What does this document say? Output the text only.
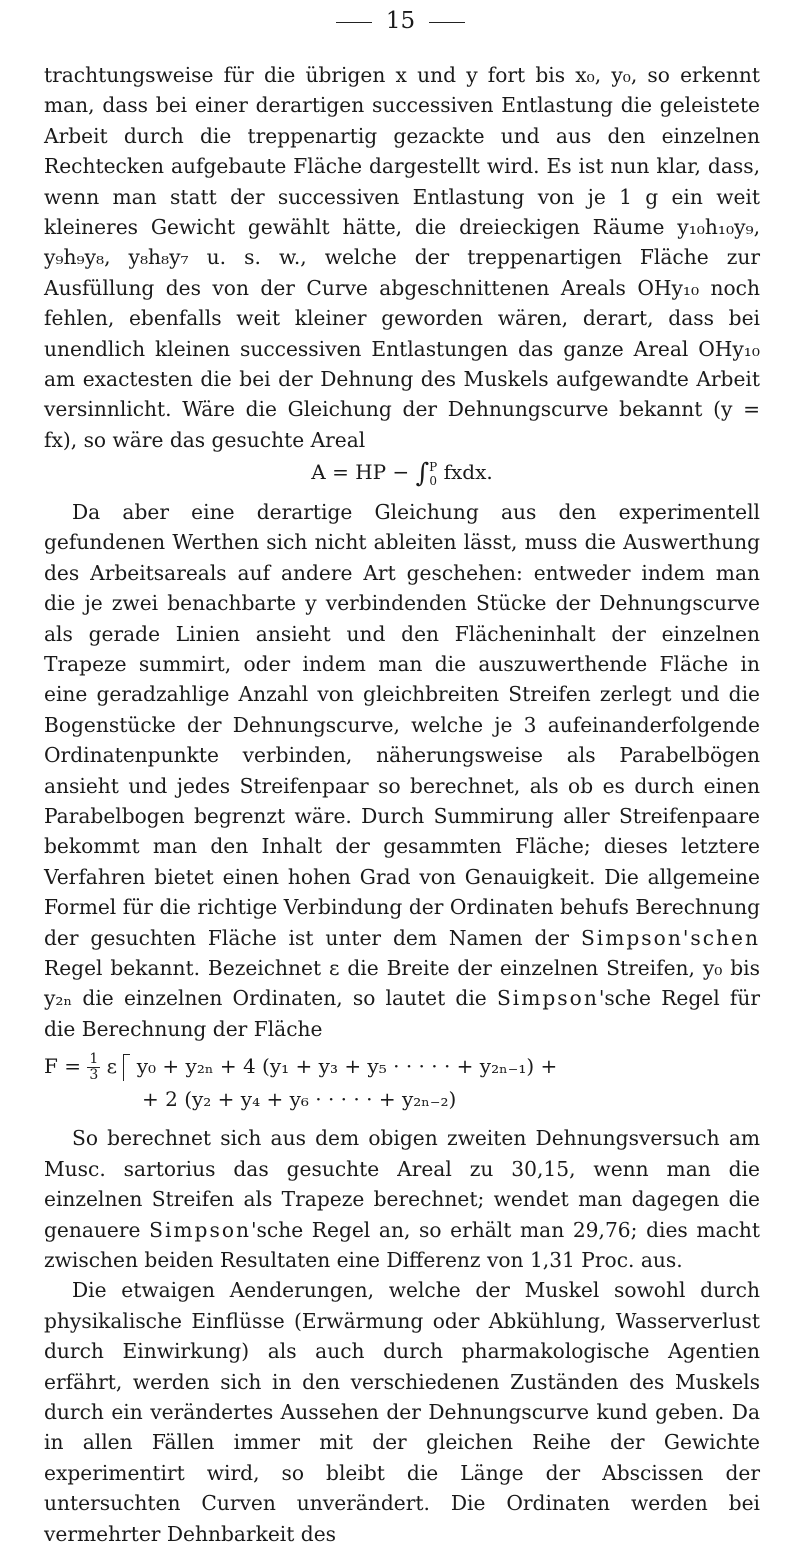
15

trachtungsweise für die übrigen x und y fort bis x₀, y₀, so erkennt man, dass bei einer derartigen successiven Entlastung die geleistete Arbeit durch die treppenartig gezackte und aus den einzelnen Rechtecken aufgebaute Fläche dargestellt wird. Es ist nun klar, dass, wenn man statt der successiven Entlastung von je 1 g ein weit kleineres Gewicht gewählt hätte, die dreieckigen Räume y₁₀h₁₀y₉, y₉h₉y₈, y₈h₈y₇ u. s. w., welche der treppenartigen Fläche zur Ausfüllung des von der Curve abgeschnittenen Areals OHy₁₀ noch fehlen, ebenfalls weit kleiner geworden wären, derart, dass bei unendlich kleinen successiven Entlastungen das ganze Areal OHy₁₀ am exactesten die bei der Dehnung des Muskels aufgewandte Arbeit versinnlicht. Wäre die Gleichung der Dehnungscurve bekannt (y = fx), so wäre das gesuchte Areal

A = HP − ∫ P
0 fxdx.

Da aber eine derartige Gleichung aus den experimentell gefundenen Werthen sich nicht ableiten lässt, muss die Auswerthung des Arbeitsareals auf andere Art geschehen: entweder indem man die je zwei benachbarte y verbindenden Stücke der Dehnungscurve als gerade Linien ansieht und den Flächeninhalt der einzelnen Trapeze summirt, oder indem man die auszuwerthende Fläche in eine geradzahlige Anzahl von gleichbreiten Streifen zerlegt und die Bogenstücke der Dehnungscurve, welche je 3 aufeinanderfolgende Ordinatenpunkte verbinden, näherungsweise als Parabelbögen ansieht und jedes Streifenpaar so berechnet, als ob es durch einen Parabelbogen begrenzt wäre. Durch Summirung aller Streifenpaare bekommt man den Inhalt der gesammten Fläche; dieses letztere Verfahren bietet einen hohen Grad von Genauigkeit. Die allgemeine Formel für die richtige Verbindung der Ordinaten behufs Berechnung der gesuchten Fläche ist unter dem Namen der Simpson'schen Regel bekannt. Bezeichnet ε die Breite der einzelnen Streifen, y₀ bis y₂ₙ die einzelnen Ordinaten, so lautet die Simpson'sche Regel für die Berechnung der Fläche

$F = \frac{1}{3}$ ε y₀ + y₂ₙ + 4 (y₁ + y₃ + y₅ · · · · · + y₂ₙ₋₁) +
+ 2 (y₂ + y₄ + y₆ · · · · · + y₂ₙ₋₂)

So berechnet sich aus dem obigen zweiten Dehnungsversuch am Musc. sartorius das gesuchte Areal zu 30,15, wenn man die einzelnen Streifen als Trapeze berechnet; wendet man dagegen die genauere Simpson'sche Regel an, so erhält man 29,76; dies macht zwischen beiden Resultaten eine Differenz von 1,31 Proc. aus.

Die etwaigen Aenderungen, welche der Muskel sowohl durch physikalische Einflüsse (Erwärmung oder Abkühlung, Wasserverlust durch Einwirkung) als auch durch pharmakologische Agentien erfährt, werden sich in den verschiedenen Zuständen des Muskels durch ein verändertes Aussehen der Dehnungscurve kund geben. Da in allen Fällen immer mit der gleichen Reihe der Gewichte experimentirt wird, so bleibt die Länge der Abscissen der untersuchten Curven unverändert. Die Ordinaten werden bei vermehrter Dehnbarkeit des
